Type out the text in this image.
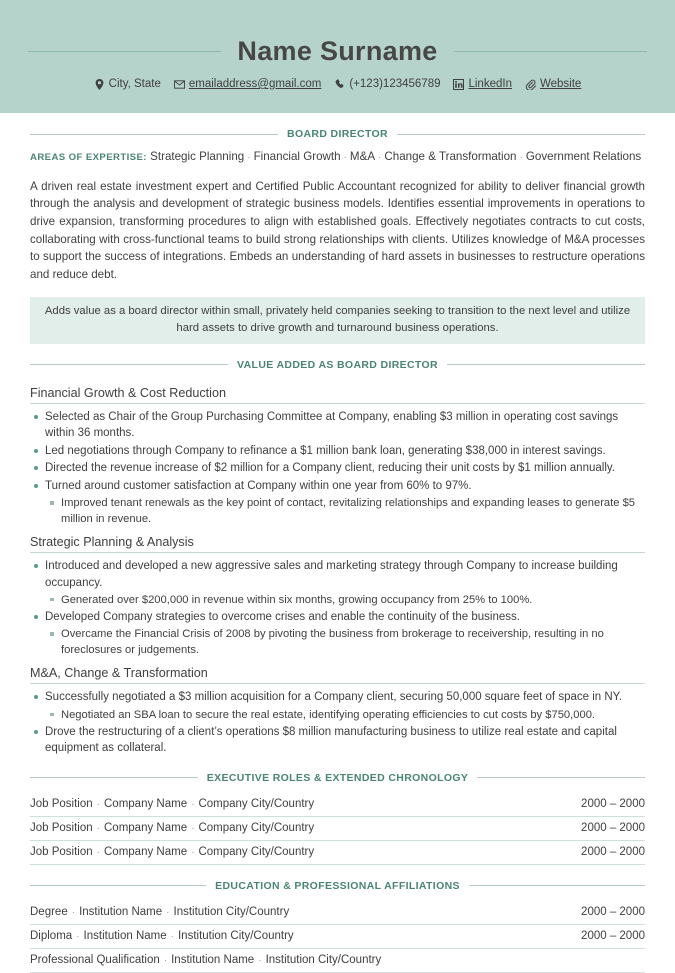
Name Surname
City, State emailaddress@gmail.com (+123)123456789 LinkedIn Website
BOARD DIRECTOR
AREAS OF EXPERTISE: Strategic Planning · Financial Growth · M&A · Change & Transformation · Government Relations

A driven real estate investment expert and Certified Public Accountant recognized for ability to deliver financial growth through the analysis and development of strategic business models. Identifies essential improvements in operations to drive expansion, transforming procedures to align with established goals. Effectively negotiates contracts to cut costs, collaborating with cross-functional teams to build strong relationships with clients. Utilizes knowledge of M&A processes to support the success of integrations. Embeds an understanding of hard assets in businesses to restructure operations and reduce debt.

Adds value as a board director within small, privately held companies seeking to transition to the next level and utilize hard assets to drive growth and turnaround business operations.
VALUE ADDED AS BOARD DIRECTOR
Financial Growth & Cost Reduction
Selected as Chair of the Group Purchasing Committee at Company, enabling $3 million in operating cost savings within 36 months.
Led negotiations through Company to refinance a $1 million bank loan, generating $38,000 in interest savings.
Directed the revenue increase of $2 million for a Company client, reducing their unit costs by $1 million annually.
Turned around customer satisfaction at Company within one year from 60% to 97%.
Improved tenant renewals as the key point of contact, revitalizing relationships and expanding leases to generate $5 million in revenue.
Strategic Planning & Analysis
Introduced and developed a new aggressive sales and marketing strategy through Company to increase building occupancy.
Generated over $200,000 in revenue within six months, growing occupancy from 25% to 100%.
Developed Company strategies to overcome crises and enable the continuity of the business.
Overcame the Financial Crisis of 2008 by pivoting the business from brokerage to receivership, resulting in no foreclosures or judgements.
M&A, Change & Transformation
Successfully negotiated a $3 million acquisition for a Company client, securing 50,000 square feet of space in NY.
Negotiated an SBA loan to secure the real estate, identifying operating efficiencies to cut costs by $750,000.
Drove the restructuring of a client’s operations $8 million manufacturing business to utilize real estate and capital equipment as collateral.
EXECUTIVE ROLES & EXTENDED CHRONOLOGY
Job Position · Company Name · Company City/Country	2000 – 2000
Job Position · Company Name · Company City/Country	2000 – 2000
Job Position · Company Name · Company City/Country	2000 – 2000
EDUCATION & PROFESSIONAL AFFILIATIONS
Degree · Institution Name · Institution City/Country	2000 – 2000
Diploma · Institution Name · Institution City/Country	2000 – 2000
Professional Qualification · Institution Name · Institution City/Country
